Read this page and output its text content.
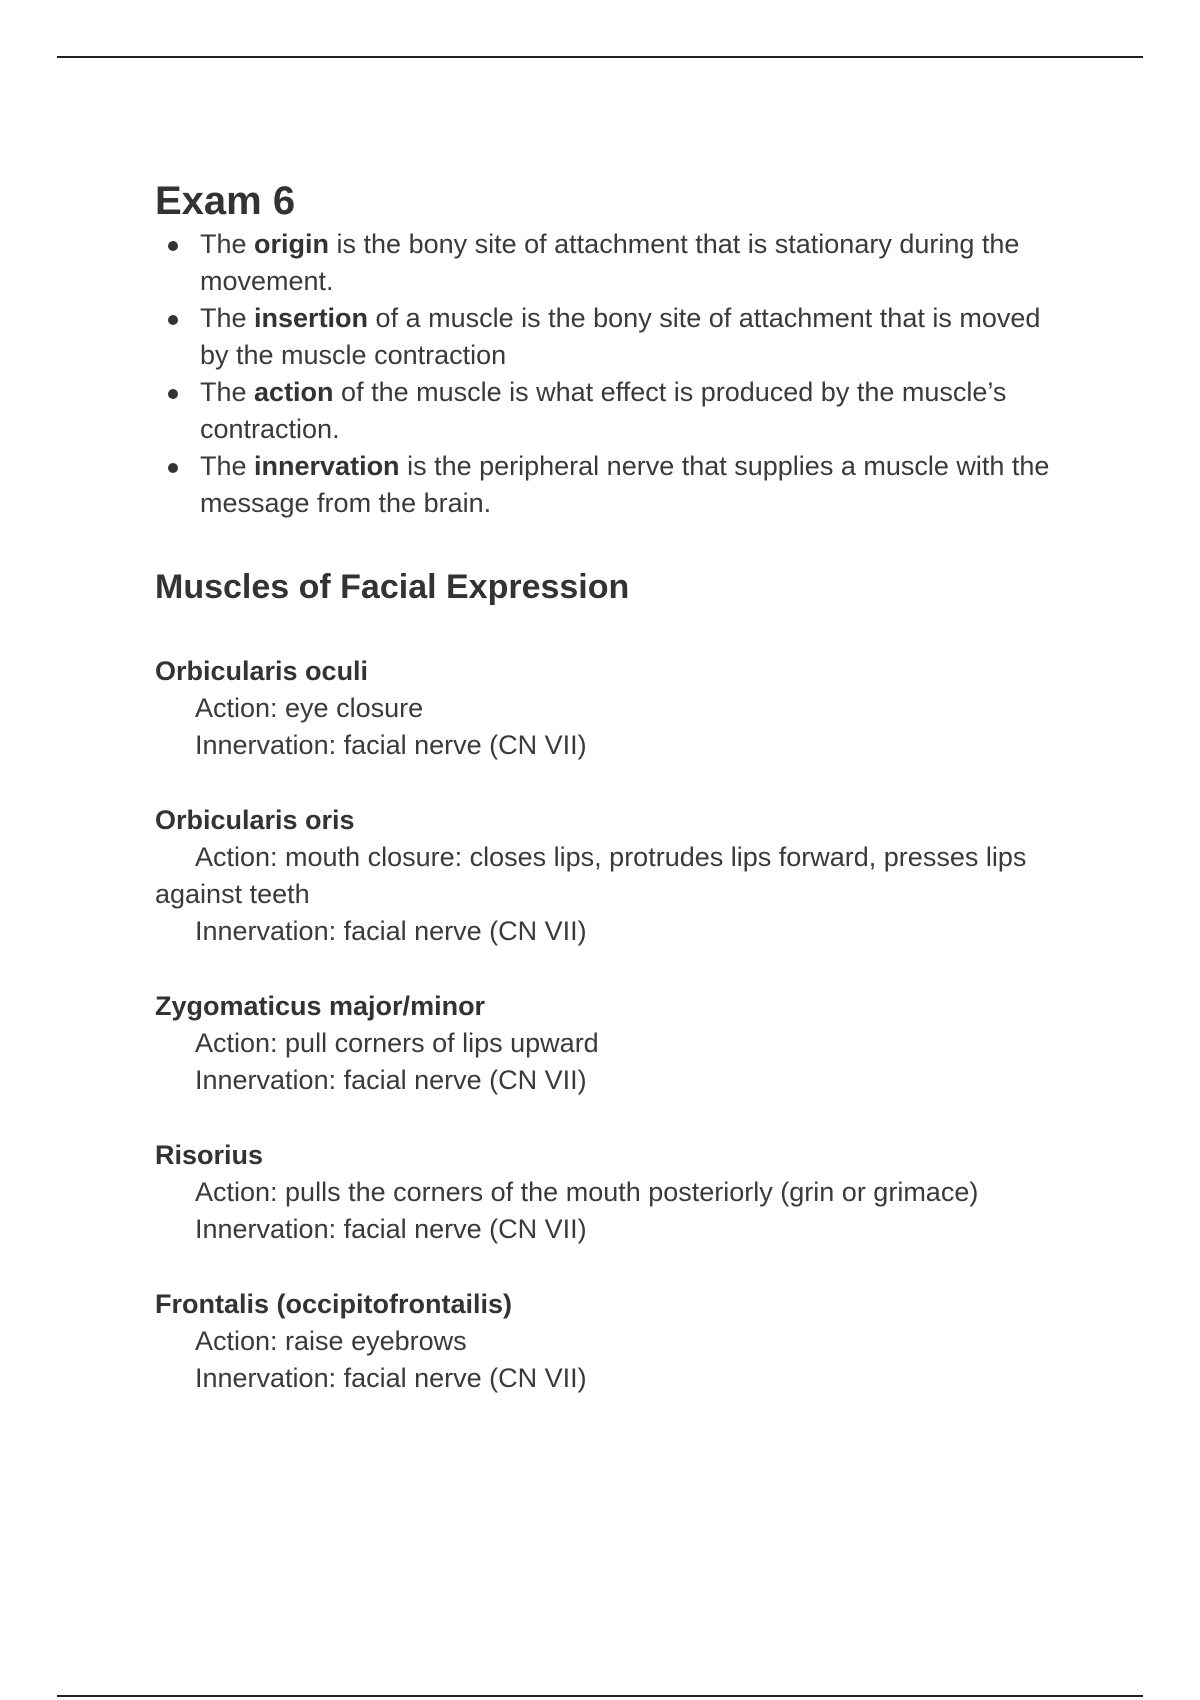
Exam 6
The origin is the bony site of attachment that is stationary during the movement.
The insertion of a muscle is the bony site of attachment that is moved by the muscle contraction
The action of the muscle is what effect is produced by the muscle’s contraction.
The innervation is the peripheral nerve that supplies a muscle with the message from the brain.
Muscles of Facial Expression
Orbicularis oculi
Action: eye closure
Innervation: facial nerve (CN VII)
Orbicularis oris
Action: mouth closure: closes lips, protrudes lips forward, presses lips against teeth
Innervation: facial nerve (CN VII)
Zygomaticus major/minor
Action: pull corners of lips upward
Innervation: facial nerve (CN VII)
Risorius
Action: pulls the corners of the mouth posteriorly (grin or grimace)
Innervation: facial nerve (CN VII)
Frontalis (occipitofrontailis)
Action: raise eyebrows
Innervation: facial nerve (CN VII)
